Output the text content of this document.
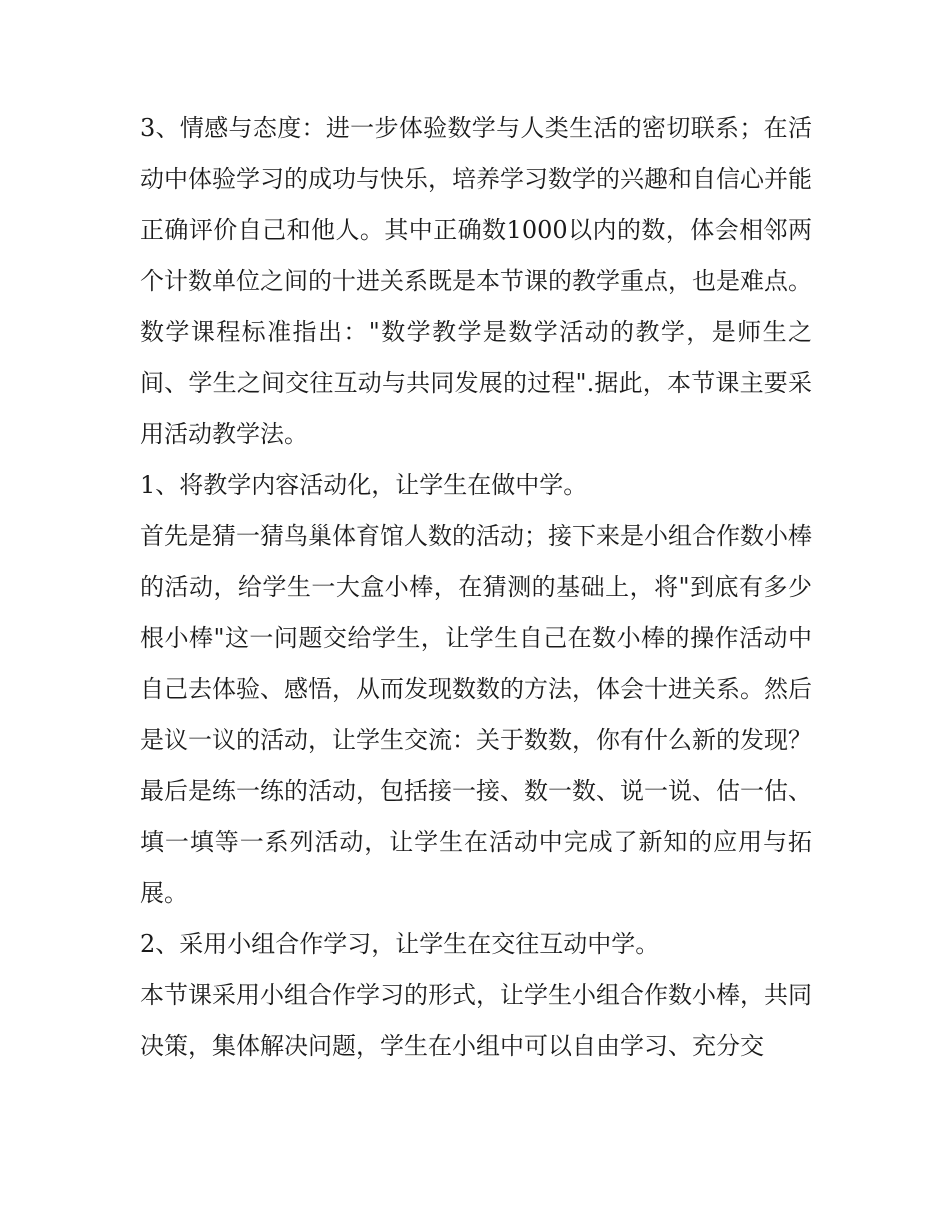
3、情感与态度：进一步体验数学与人类生活的密切联系；在活动中体验学习的成功与快乐，培养学习数学的兴趣和自信心并能正确评价自己和他人。其中正确数1000以内的数，体会相邻两个计数单位之间的十进关系既是本节课的教学重点，也是难点。

数学课程标准指出："数学教学是数学活动的教学，是师生之间、学生之间交往互动与共同发展的过程".据此，本节课主要采用活动教学法。

1、将教学内容活动化，让学生在做中学。

首先是猜一猜鸟巢体育馆人数的活动；接下来是小组合作数小棒的活动，给学生一大盒小棒，在猜测的基础上，将"到底有多少根小棒"这一问题交给学生，让学生自己在数小棒的操作活动中自己去体验、感悟，从而发现数数的方法，体会十进关系。然后是议一议的活动，让学生交流：关于数数，你有什么新的发现？最后是练一练的活动，包括接一接、数一数、说一说、估一估、填一填等一系列活动，让学生在活动中完成了新知的应用与拓展。

2、采用小组合作学习，让学生在交往互动中学。

本节课采用小组合作学习的形式，让学生小组合作数小棒，共同决策，集体解决问题，学生在小组中可以自由学习、充分交
